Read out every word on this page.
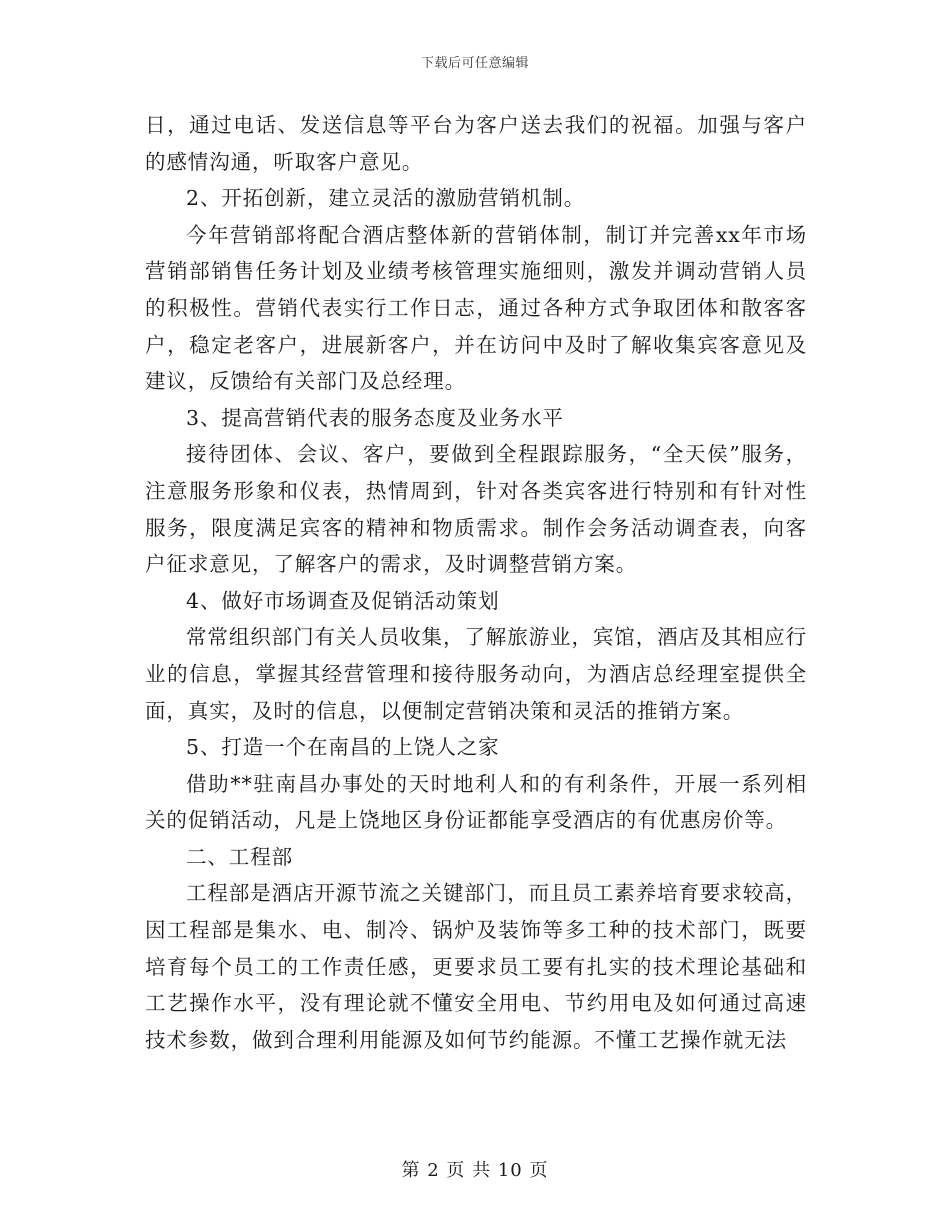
下载后可任意编辑

日，通过电话、发送信息等平台为客户送去我们的祝福。加强与客户的感情沟通，听取客户意见。

2、开拓创新，建立灵活的激励营销机制。

今年营销部将配合酒店整体新的营销体制，制订并完善xx年市场营销部销售任务计划及业绩考核管理实施细则，激发并调动营销人员的积极性。营销代表实行工作日志，通过各种方式争取团体和散客客户，稳定老客户，进展新客户，并在访问中及时了解收集宾客意见及建议，反馈给有关部门及总经理。

3、提高营销代表的服务态度及业务水平

接待团体、会议、客户，要做到全程跟踪服务，“全天侯”服务，注意服务形象和仪表，热情周到，针对各类宾客进行特别和有针对性服务，限度满足宾客的精神和物质需求。制作会务活动调查表，向客户征求意见，了解客户的需求，及时调整营销方案。

4、做好市场调查及促销活动策划

常常组织部门有关人员收集，了解旅游业，宾馆，酒店及其相应行业的信息，掌握其经营管理和接待服务动向，为酒店总经理室提供全面，真实，及时的信息，以便制定营销决策和灵活的推销方案。

5、打造一个在南昌的上饶人之家

借助**驻南昌办事处的天时地利人和的有利条件，开展一系列相关的促销活动，凡是上饶地区身份证都能享受酒店的有优惠房价等。

二、工程部

工程部是酒店开源节流之关键部门，而且员工素养培育要求较高，因工程部是集水、电、制冷、锅炉及装饰等多工种的技术部门，既要培育每个员工的工作责任感，更要求员工要有扎实的技术理论基础和工艺操作水平，没有理论就不懂安全用电、节约用电及如何通过高速技术参数，做到合理利用能源及如何节约能源。不懂工艺操作就无法

第 2 页 共 10 页
